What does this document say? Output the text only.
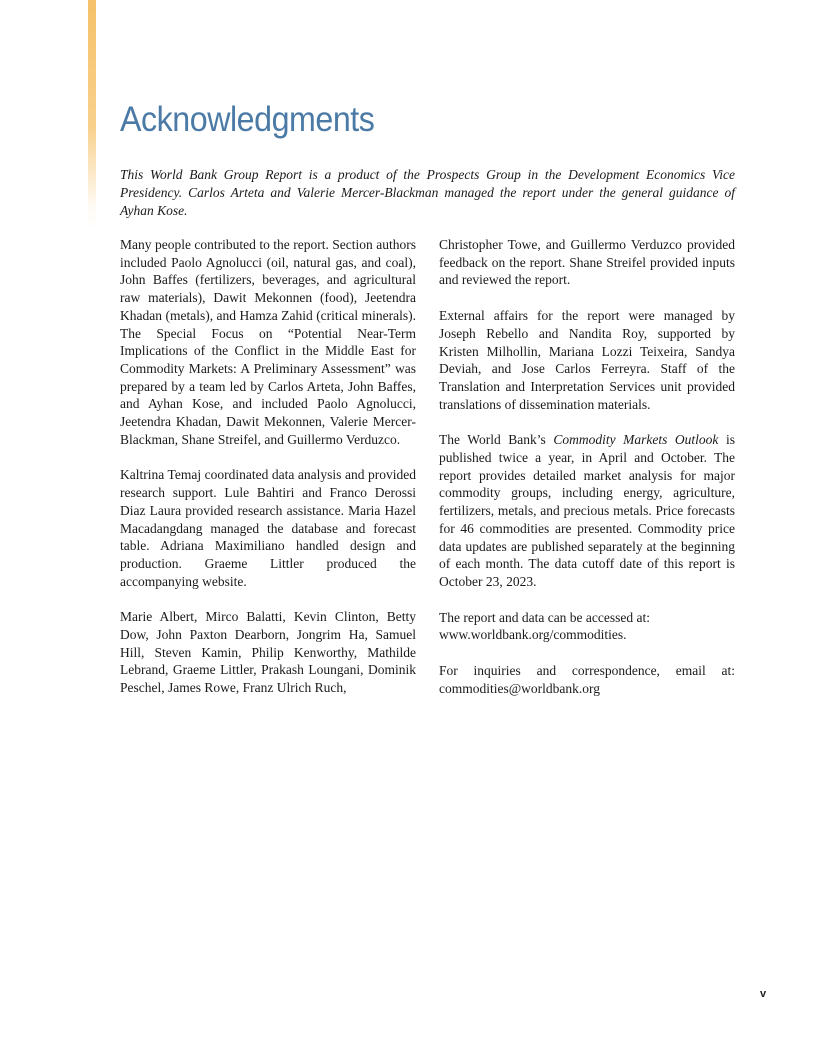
Acknowledgments

This World Bank Group Report is a product of the Prospects Group in the Development Economics Vice Presidency. Carlos Arteta and Valerie Mercer-Blackman managed the report under the general guidance of Ayhan Kose.

Many people contributed to the report. Section authors included Paolo Agnolucci (oil, natural gas, and coal), John Baffes (fertilizers, beverages, and agricultural raw materials), Dawit Mekonnen (food), Jeetendra Khadan (metals), and Hamza Zahid (critical minerals). The Special Focus on “Potential Near-Term Implications of the Conflict in the Middle East for Commodity Markets: A Preliminary Assessment” was prepared by a team led by Carlos Arteta, John Baffes, and Ayhan Kose, and included Paolo Agnolucci, Jeetendra Khadan, Dawit Mekonnen, Valerie Mercer-Blackman, Shane Streifel, and Guillermo Verduzco.

Kaltrina Temaj coordinated data analysis and provided research support. Lule Bahtiri and Franco Derossi Diaz Laura provided research assistance. Maria Hazel Macadangdang managed the database and forecast table. Adriana Maximiliano handled design and production. Graeme Littler produced the accompanying website.

Marie Albert, Mirco Balatti, Kevin Clinton, Betty Dow, John Paxton Dearborn, Jongrim Ha, Samuel Hill, Steven Kamin, Philip Kenworthy, Mathilde Lebrand, Graeme Littler, Prakash Loungani, Dominik Peschel, James Rowe, Franz Ulrich Ruch,

Christopher Towe, and Guillermo Verduzco provided feedback on the report. Shane Streifel provided inputs and reviewed the report.

External affairs for the report were managed by Joseph Rebello and Nandita Roy, supported by Kristen Milhollin, Mariana Lozzi Teixeira, Sandya Deviah, and Jose Carlos Ferreyra. Staff of the Translation and Interpretation Services unit provided translations of dissemination materials.

The World Bank’s Commodity Markets Outlook is published twice a year, in April and October. The report provides detailed market analysis for major commodity groups, including energy, agriculture, fertilizers, metals, and precious metals. Price forecasts for 46 commodities are presented. Commodity price data updates are published separately at the beginning of each month. The data cutoff date of this report is October 23, 2023.

The report and data can be accessed at:
www.worldbank.org/commodities.

For inquiries and correspondence, email at: commodities@worldbank.org

v
